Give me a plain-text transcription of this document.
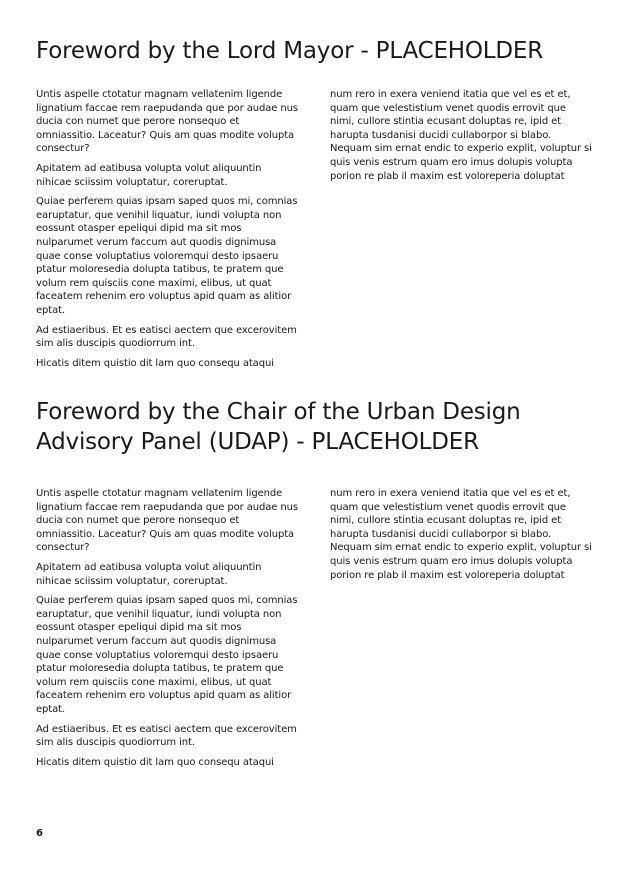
Foreword by the Lord Mayor - PLACEHOLDER

Untis aspelle ctotatur magnam vellatenim ligende lignatium faccae rem raepudanda que por audae nus ducia con numet que perore nonsequo et omniassitio. Laceatur? Quis am quas modite volupta consectur?

Apitatem ad eatibusa volupta volut aliquuntin nihicae sciissim voluptatur, coreruptat.

Quiae perferem quias ipsam saped quos mi, comnias earuptatur, que venihil liquatur, iundi volupta non eossunt otasper epeliqui dipid ma sit mos nulparumet verum faccum aut quodis dignimusa quae conse voluptatius voloremqui desto ipsaeru ptatur moloresedia dolupta tatibus, te pratem que volum rem quisciis cone maximi, elibus, ut quat faceatem rehenim ero voluptus apid quam as alitior eptat.

Ad estiaeribus. Et es eatisci aectem que excerovitem sim alis duscipis quodiorrum int.

Hicatis ditem quistio dit lam quo consequ ataqui

num rero in exera veniend itatia que vel es et et, quam que velestistium venet quodis errovit que nimi, cullore stintia ecusant doluptas re, ipid et harupta tusdanisi ducidi cullaborpor si blabo. Nequam sim ernat endic to experio explit, voluptur si quis venis estrum quam ero imus dolupis volupta porion re plab il maxim est voloreperia doluptat

Foreword by the Chair of the Urban Design Advisory Panel (UDAP) - PLACEHOLDER

Untis aspelle ctotatur magnam vellatenim ligende lignatium faccae rem raepudanda que por audae nus ducia con numet que perore nonsequo et omniassitio. Laceatur? Quis am quas modite volupta consectur?

Apitatem ad eatibusa volupta volut aliquuntin nihicae sciissim voluptatur, coreruptat.

Quiae perferem quias ipsam saped quos mi, comnias earuptatur, que venihil liquatur, iundi volupta non eossunt otasper epeliqui dipid ma sit mos nulparumet verum faccum aut quodis dignimusa quae conse voluptatius voloremqui desto ipsaeru ptatur moloresedia dolupta tatibus, te pratem que volum rem quisciis cone maximi, elibus, ut quat faceatem rehenim ero voluptus apid quam as alitior eptat.

Ad estiaeribus. Et es eatisci aectem que excerovitem sim alis duscipis quodiorrum int.

Hicatis ditem quistio dit lam quo consequ ataqui

num rero in exera veniend itatia que vel es et et, quam que velestistium venet quodis errovit que nimi, cullore stintia ecusant doluptas re, ipid et harupta tusdanisi ducidi cullaborpor si blabo. Nequam sim ernat endic to experio explit, voluptur si quis venis estrum quam ero imus dolupis volupta porion re plab il maxim est voloreperia doluptat

6
